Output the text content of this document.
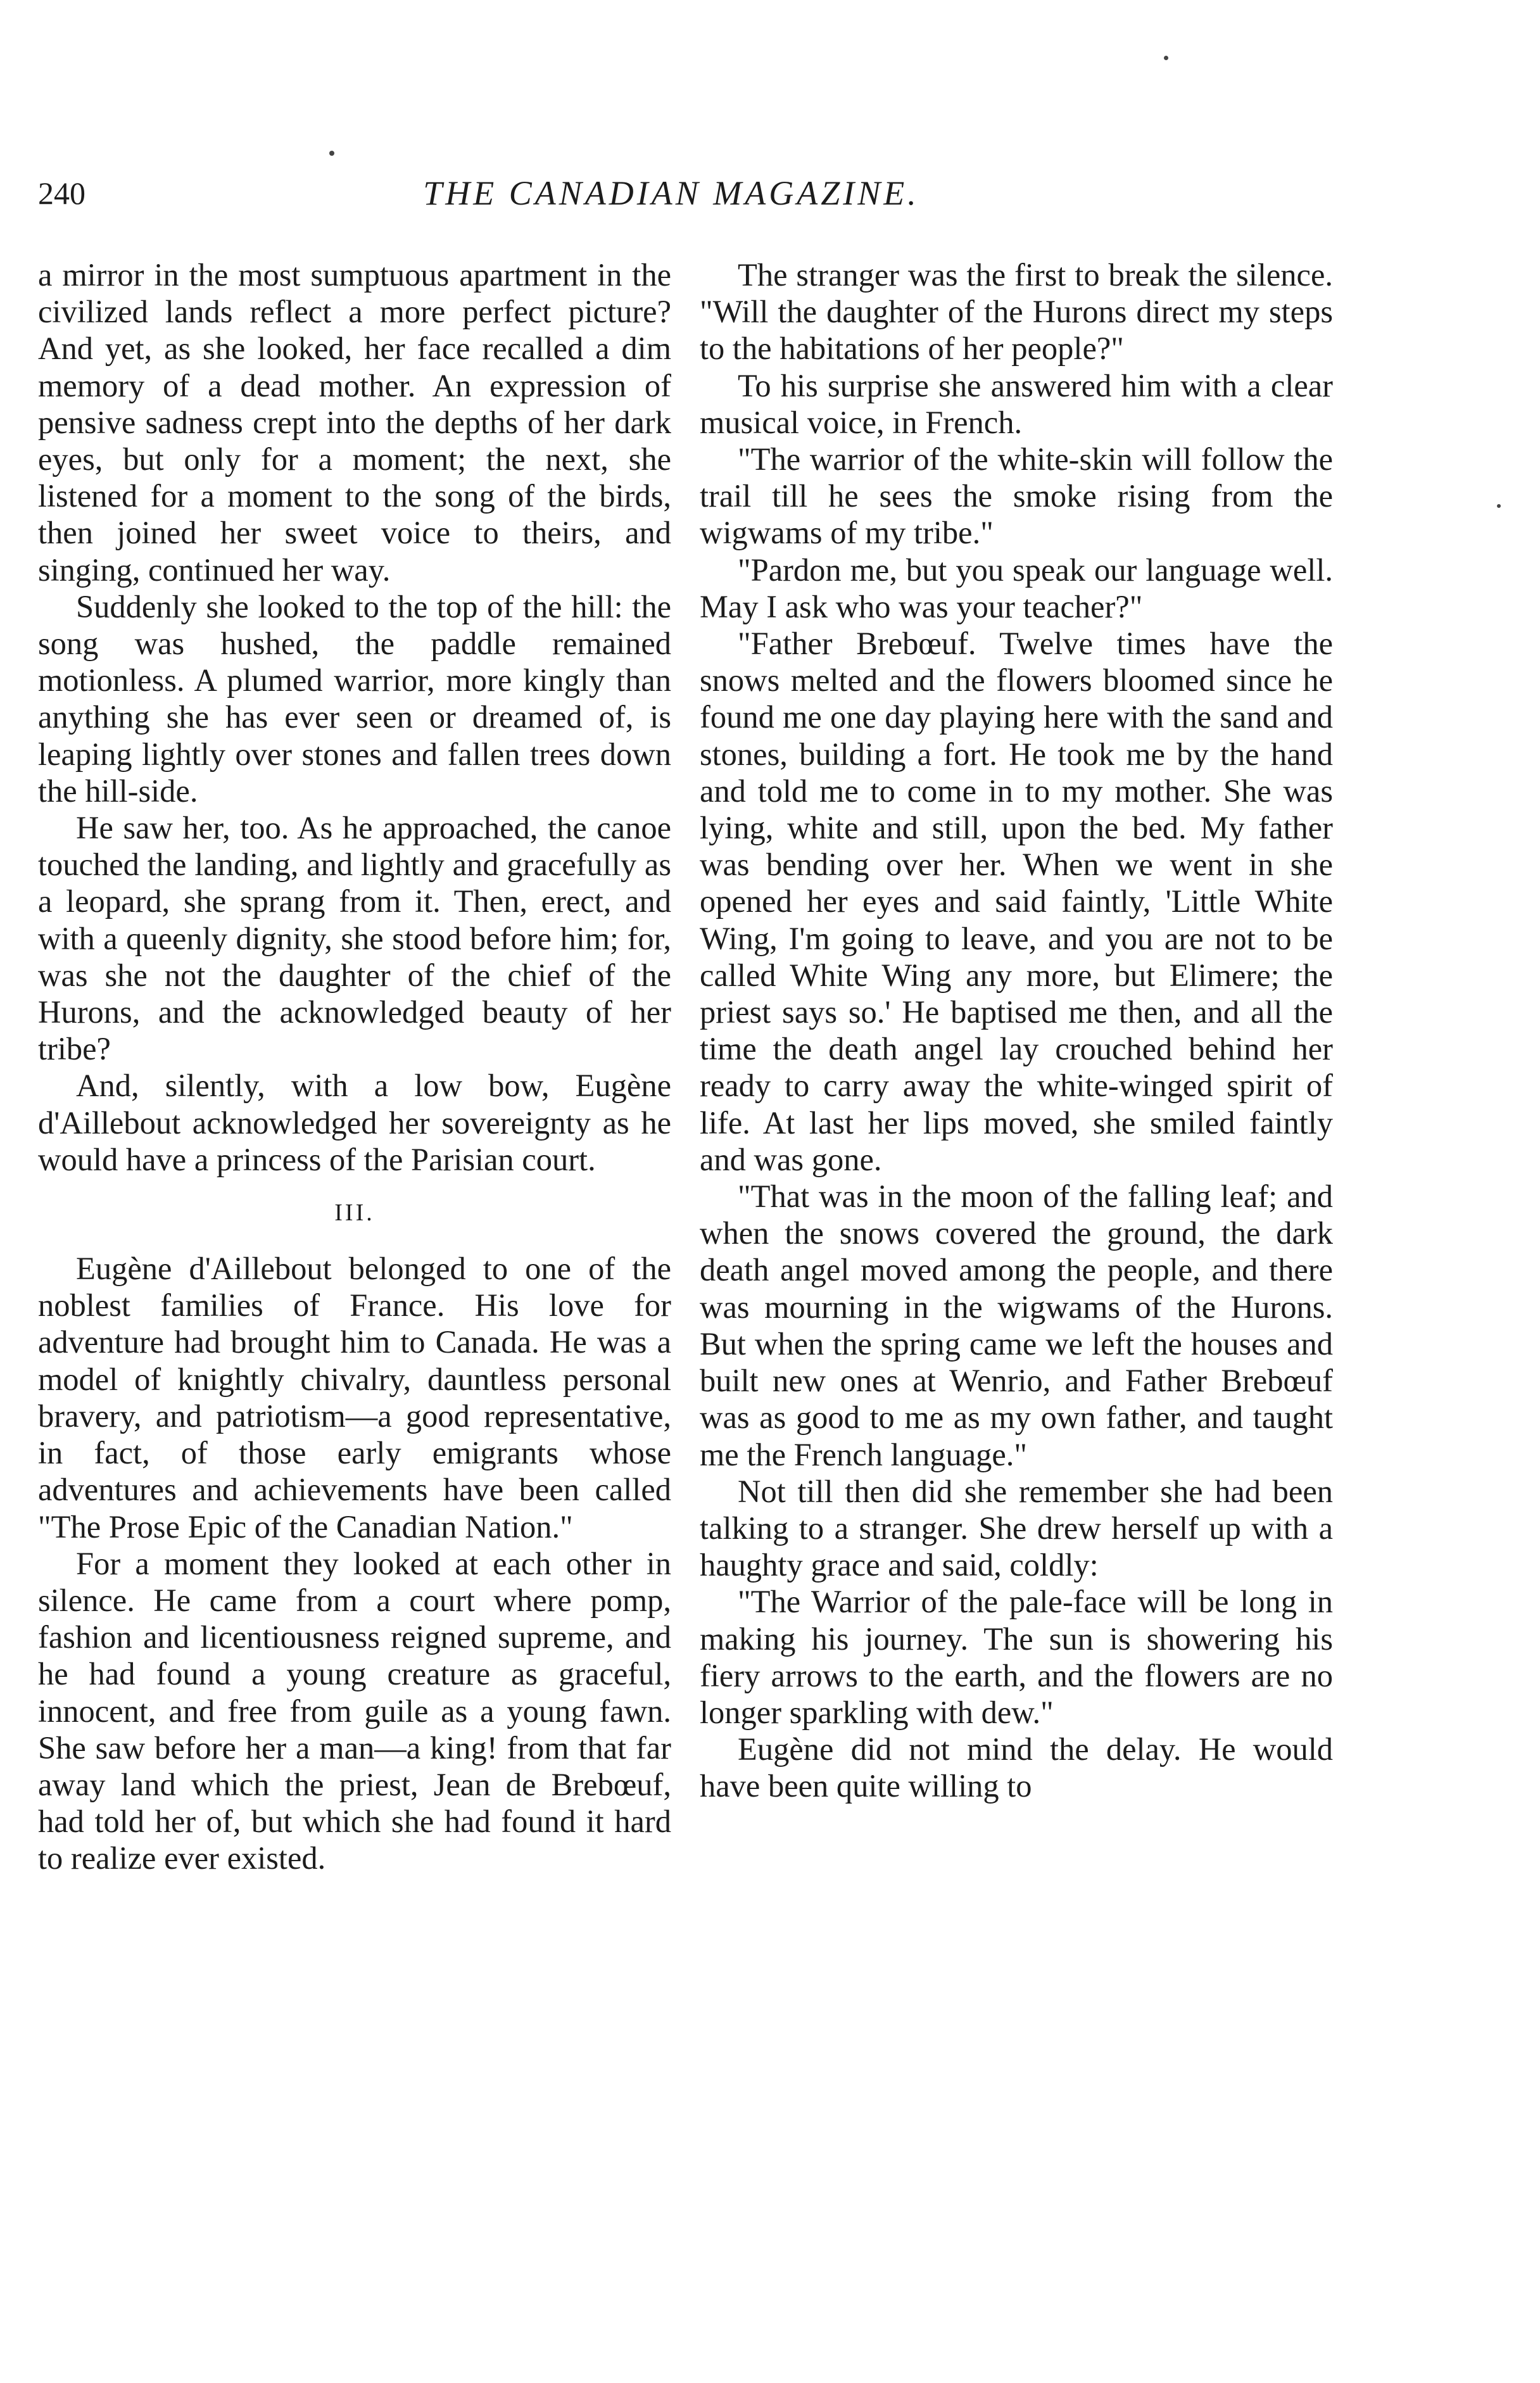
240	THE CANADIAN MAGAZINE.

a mirror in the most sumptuous apartment in the civilized lands reflect a more perfect picture? And yet, as she looked, her face recalled a dim memory of a dead mother. An expression of pensive sadness crept into the depths of her dark eyes, but only for a moment; the next, she listened for a moment to the song of the birds, then joined her sweet voice to theirs, and singing, continued her way.

Suddenly she looked to the top of the hill: the song was hushed, the paddle remained motionless. A plumed warrior, more kingly than anything she has ever seen or dreamed of, is leaping lightly over stones and fallen trees down the hill-side.

He saw her, too. As he approached, the canoe touched the landing, and lightly and gracefully as a leopard, she sprang from it. Then, erect, and with a queenly dignity, she stood before him; for, was she not the daughter of the chief of the Hurons, and the acknowledged beauty of her tribe?

And, silently, with a low bow, Eugène d'Aillebout acknowledged her sovereignty as he would have a princess of the Parisian court.

III.

Eugène d'Aillebout belonged to one of the noblest families of France. His love for adventure had brought him to Canada. He was a model of knightly chivalry, dauntless personal bravery, and patriotism—a good representative, in fact, of those early emigrants whose adventures and achievements have been called "The Prose Epic of the Canadian Nation."

For a moment they looked at each other in silence. He came from a court where pomp, fashion and licentiousness reigned supreme, and he had found a young creature as graceful, innocent, and free from guile as a young fawn. She saw before her a man—a king! from that far away land which the priest, Jean de Brebœuf, had told her of, but which she had found it hard to realize ever existed.

The stranger was the first to break the silence. "Will the daughter of the Hurons direct my steps to the habitations of her people?"

To his surprise she answered him with a clear musical voice, in French.

"The warrior of the white-skin will follow the trail till he sees the smoke rising from the wigwams of my tribe."

"Pardon me, but you speak our language well. May I ask who was your teacher?"

"Father Brebœuf. Twelve times have the snows melted and the flowers bloomed since he found me one day playing here with the sand and stones, building a fort. He took me by the hand and told me to come in to my mother. She was lying, white and still, upon the bed. My father was bending over her. When we went in she opened her eyes and said faintly, 'Little White Wing, I'm going to leave, and you are not to be called White Wing any more, but Elimere; the priest says so.' He baptised me then, and all the time the death angel lay crouched behind her ready to carry away the white-winged spirit of life. At last her lips moved, she smiled faintly and was gone.

"That was in the moon of the falling leaf; and when the snows covered the ground, the dark death angel moved among the people, and there was mourning in the wigwams of the Hurons. But when the spring came we left the houses and built new ones at Wenrio, and Father Brebœuf was as good to me as my own father, and taught me the French language."

Not till then did she remember she had been talking to a stranger. She drew herself up with a haughty grace and said, coldly:

"The Warrior of the pale-face will be long in making his journey. The sun is showering his fiery arrows to the earth, and the flowers are no longer sparkling with dew."

Eugène did not mind the delay. He would have been quite willing to
